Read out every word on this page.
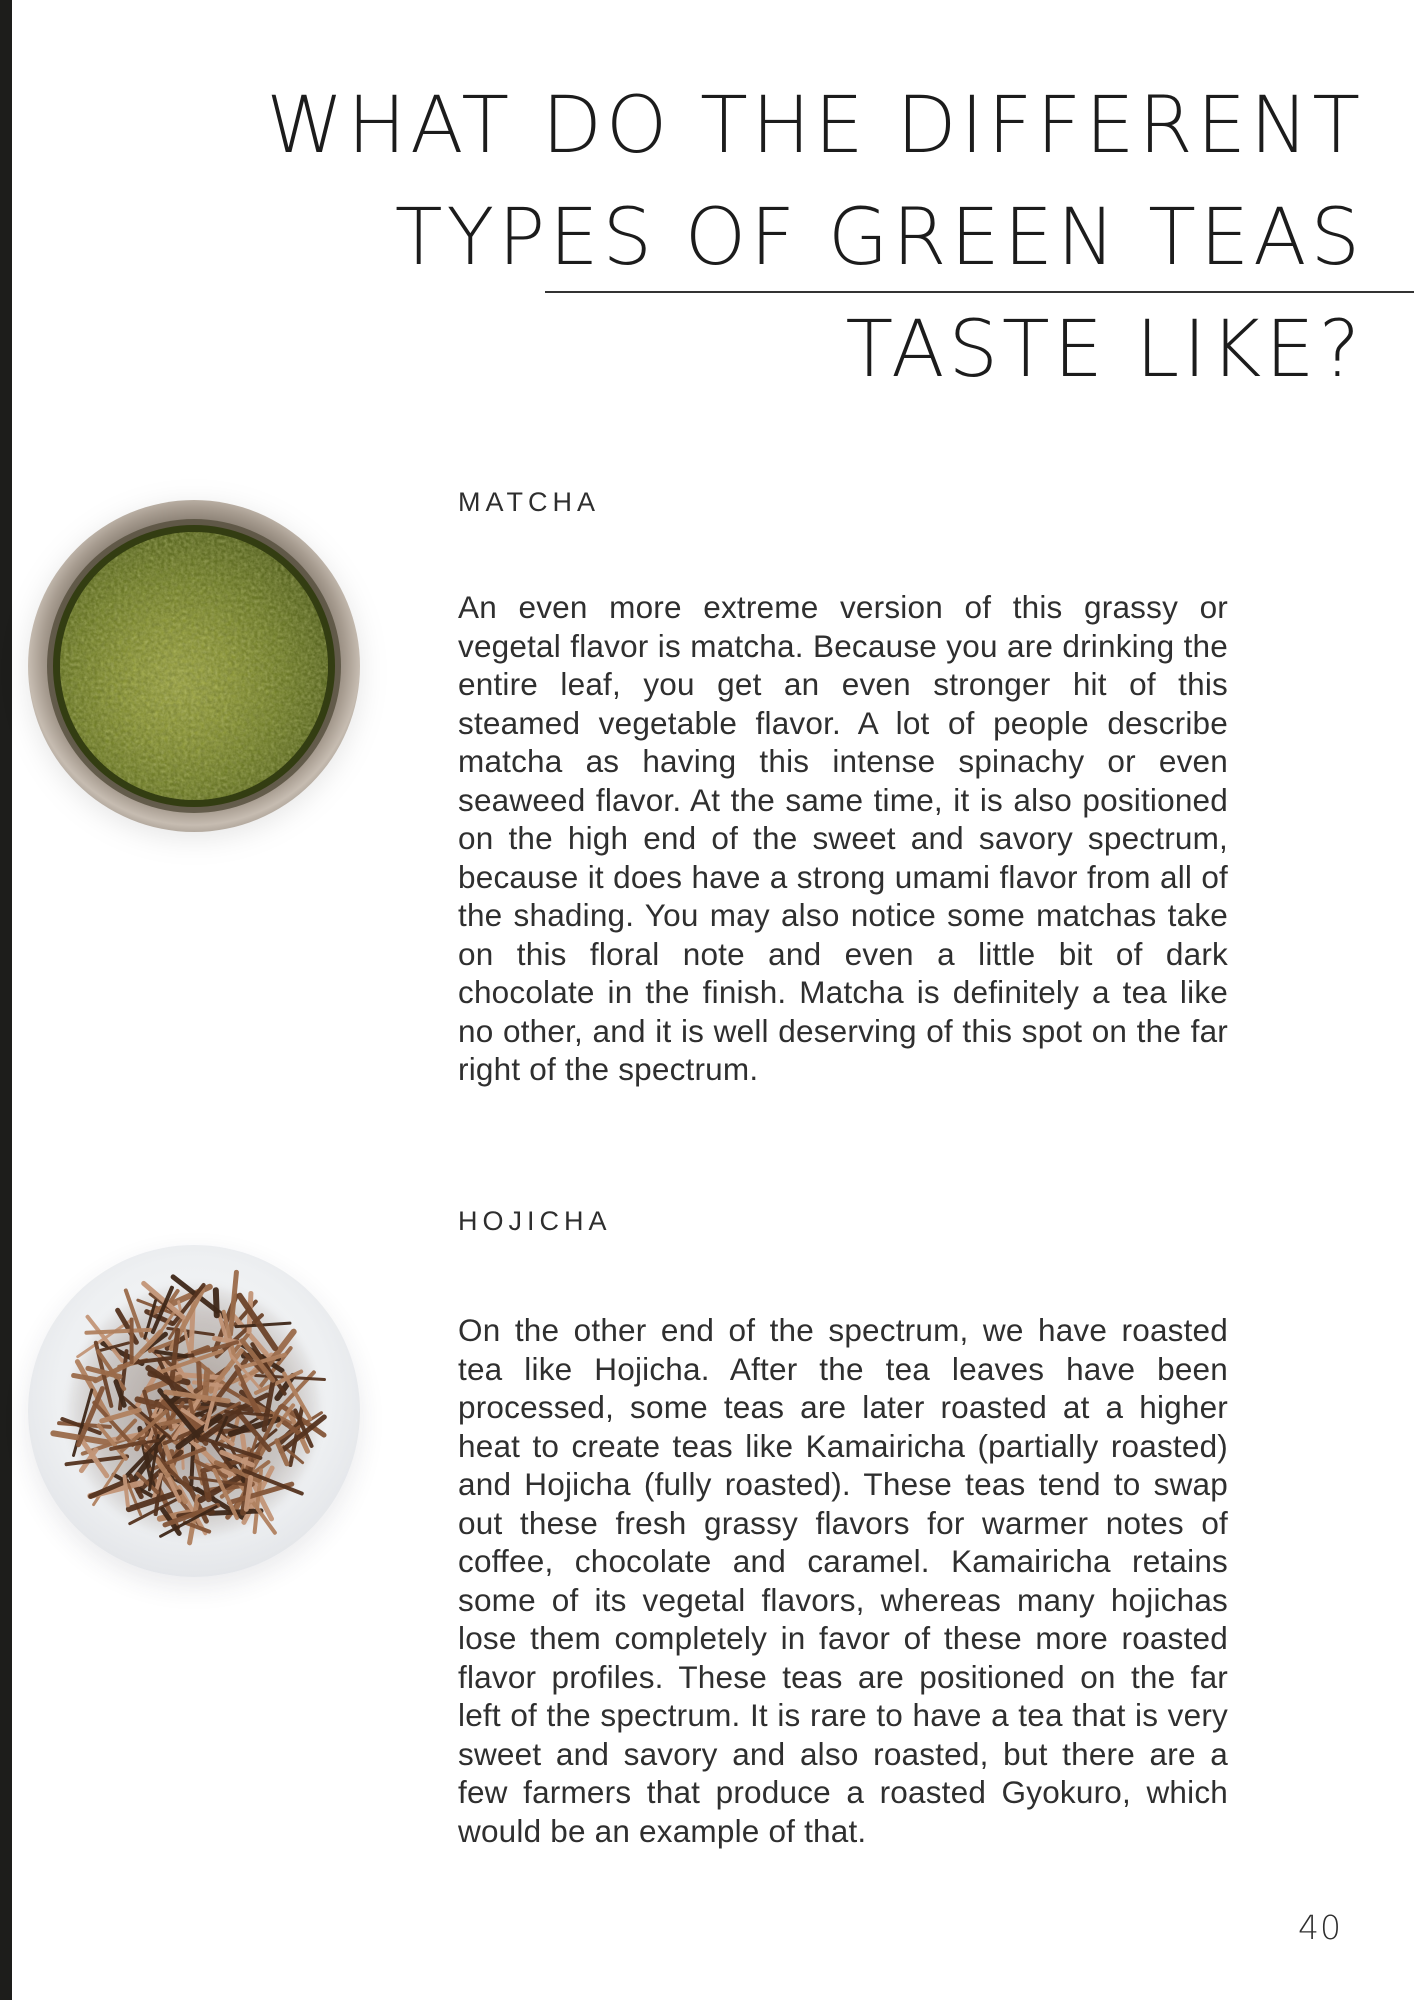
WHAT DO THE DIFFERENT
TYPES OF GREEN TEAS
TASTE LIKE?
MATCHA

An even more extreme version of this grassy or vegetal flavor is matcha. Because you are drinking the entire leaf, you get an even stronger hit of this steamed vegetable flavor. A lot of people describe matcha as having this intense spinachy or even seaweed flavor. At the same time, it is also positioned on the high end of the sweet and savory spectrum, because it does have a strong umami flavor from all of the shading. You may also notice some matchas take on this floral note and even a little bit of dark chocolate in the finish. Matcha is definitely a tea like no other, and it is well deserving of this spot on the far right of the spectrum.

HOJICHA

On the other end of the spectrum, we have roasted tea like Hojicha. After the tea leaves have been processed, some teas are later roasted at a higher heat to create teas like Kamairicha (partially roasted) and Hojicha (fully roasted). These teas tend to swap out these fresh grassy flavors for warmer notes of coffee, chocolate and caramel. Kamairicha retains some of its vegetal flavors, whereas many hojichas lose them completely in favor of these more roasted flavor profiles. These teas are positioned on the far left of the spectrum. It is rare to have a tea that is very sweet and savory and also roasted, but there are a few farmers that produce a roasted Gyokuro, which would be an example of that.

40
